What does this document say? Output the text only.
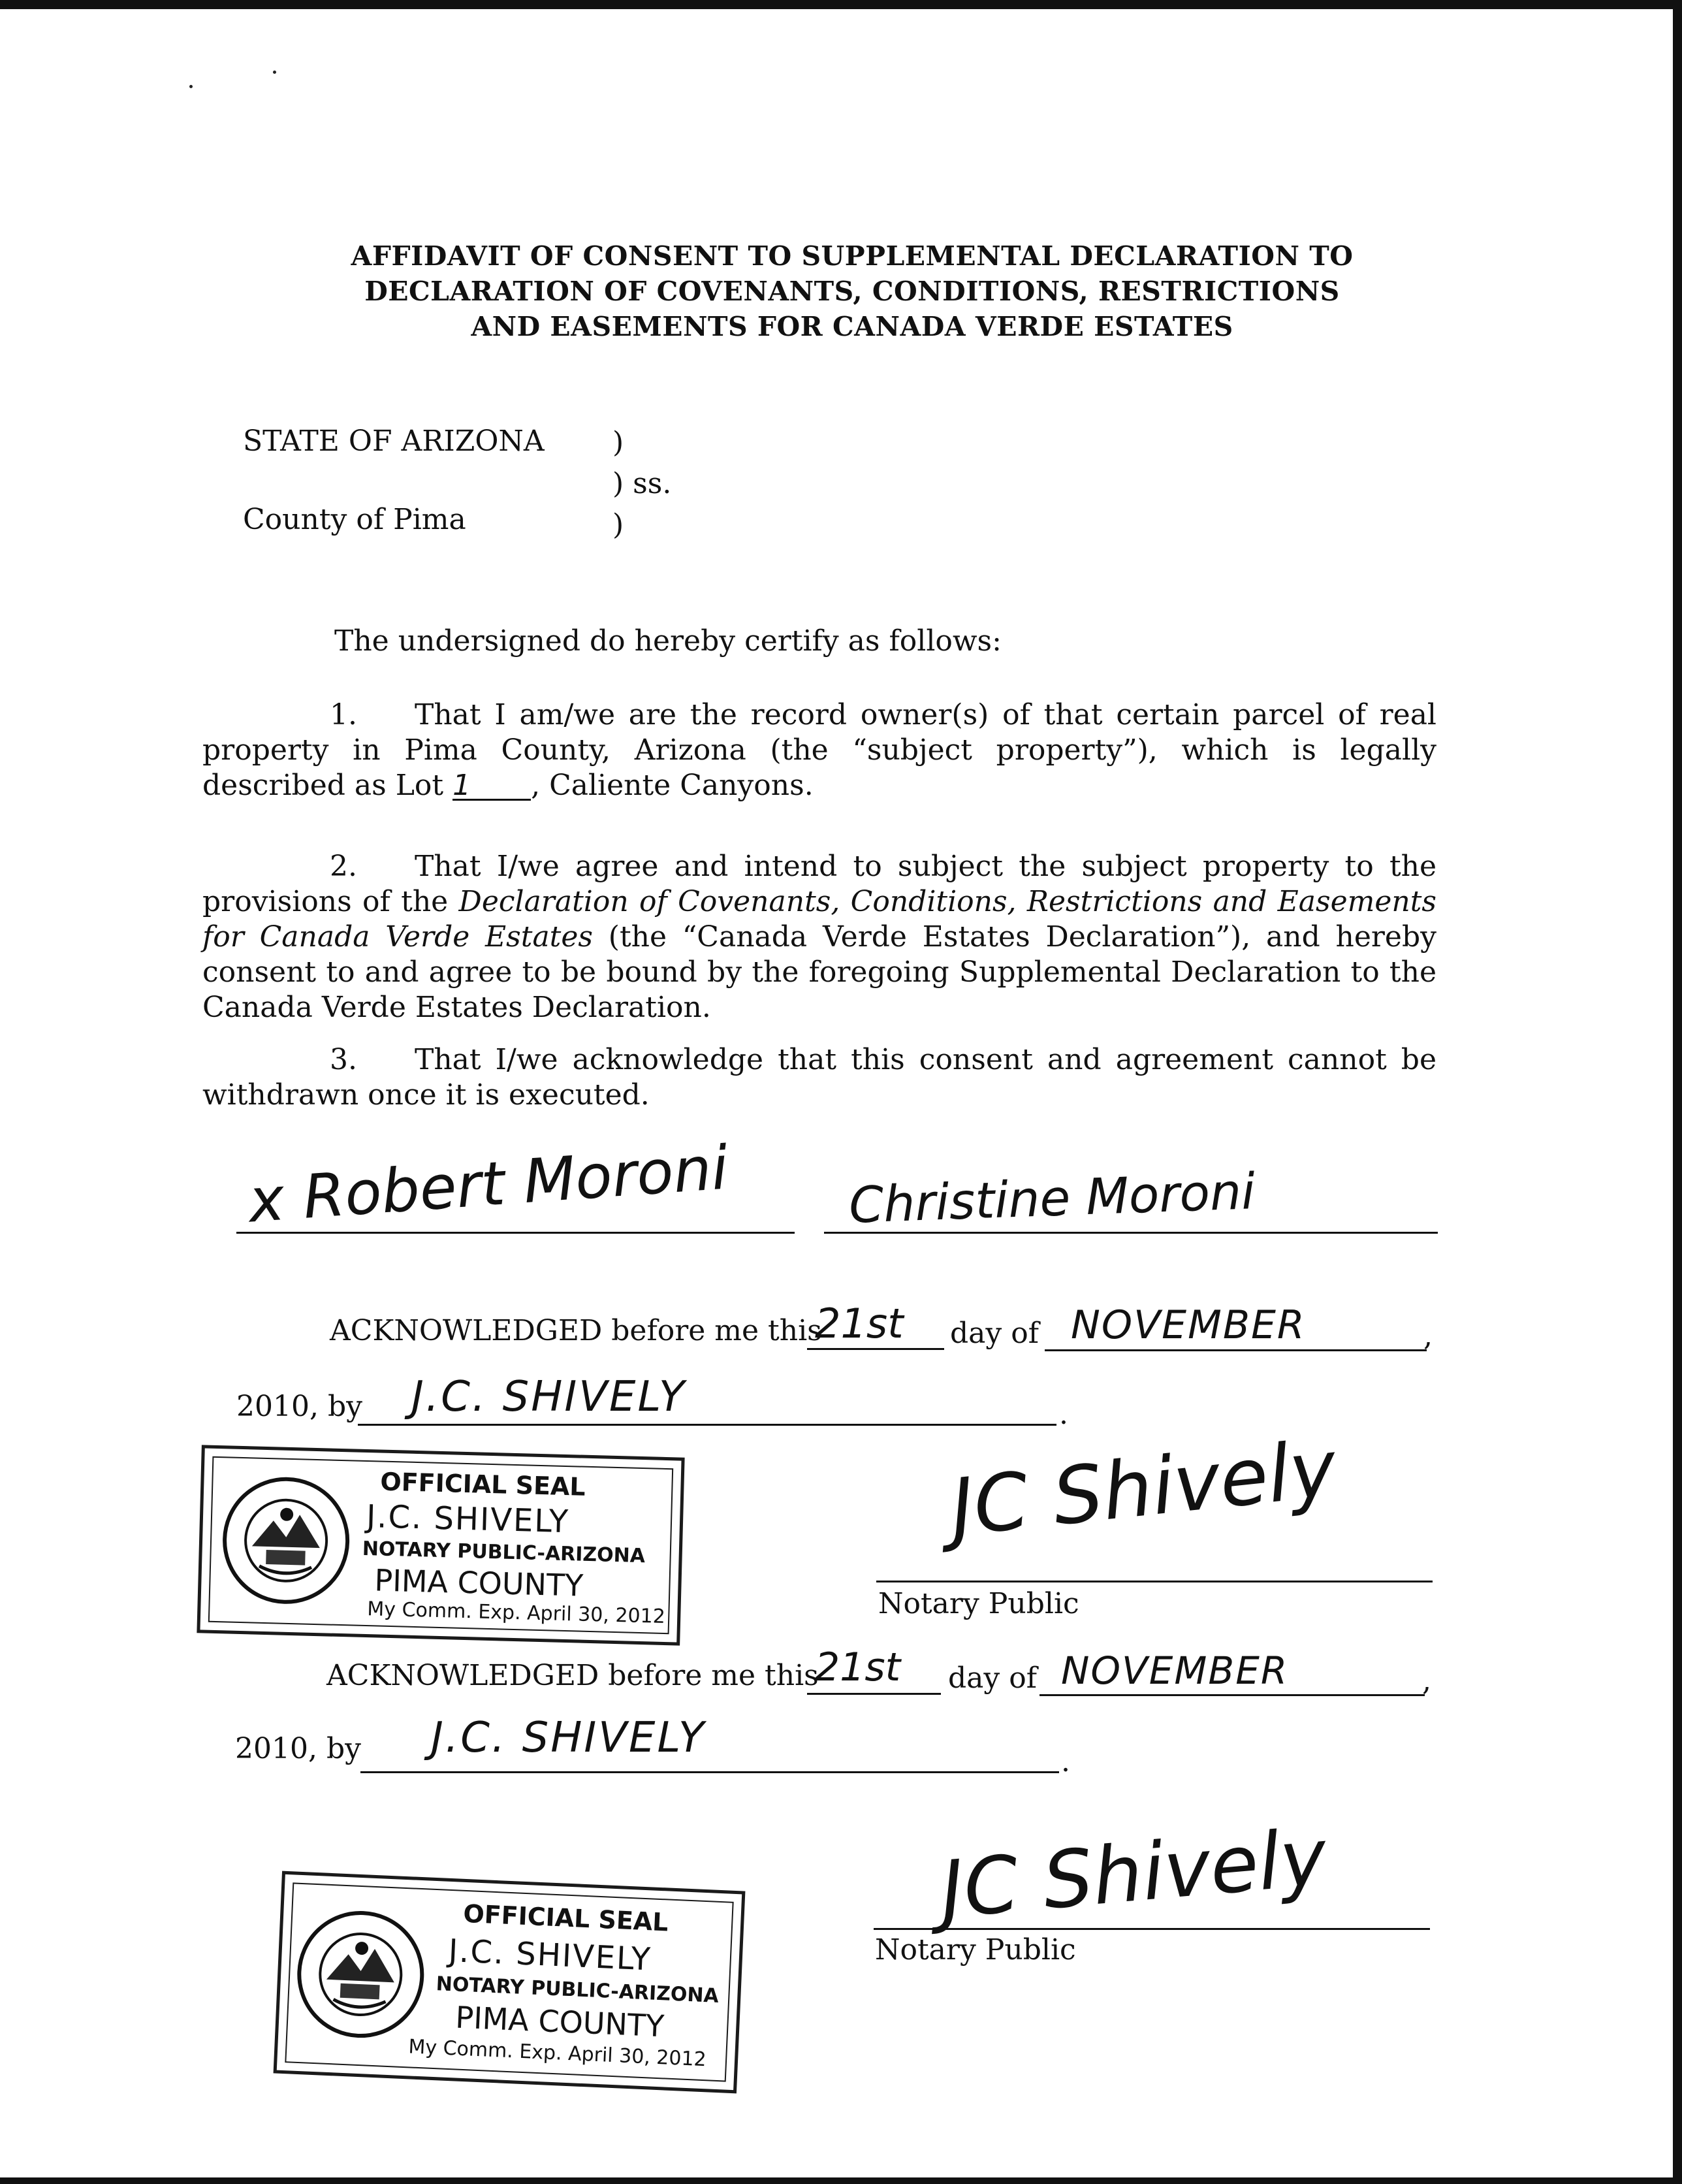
AFFIDAVIT OF CONSENT TO SUPPLEMENTAL DECLARATION TO
DECLARATION OF COVENANTS, CONDITIONS, RESTRICTIONS
AND EASEMENTS FOR CANADA VERDE ESTATES
STATE OF ARIZONA )
) ss.
County of Pima	)
The undersigned do hereby certify as follows:
1. That I am/we are the record owner(s) of that certain parcel of real property in Pima County, Arizona (the “subject property”), which is legally described as Lot 1 , Caliente Canyons.
2. That I/we agree and intend to subject the subject property to the provisions of the Declaration of Covenants, Conditions, Restrictions and Easements for Canada Verde Estates (the “Canada Verde Estates Declaration”), and hereby consent to and agree to be bound by the foregoing Supplemental Declaration to the Canada Verde Estates Declaration.
3. That I/we acknowledge that this consent and agreement cannot be withdrawn once it is executed.
x Robert Moroni Christine Moroni
ACKNOWLEDGED before me this
21st day of NOVEMBER	,
2010, by J.C. SHIVELY	.
OFFICIAL SEAL
J.C. SHIVELY
NOTARY PUBLIC-ARIZONA
PIMA COUNTY
My Comm. Exp. April 30, 2012
JC Shively
Notary Public
ACKNOWLEDGED before me this
21st day of NOVEMBER	,
2010, by J.C. SHIVELY	.
OFFICIAL SEAL
J.C. SHIVELY
NOTARY PUBLIC-ARIZONA
PIMA COUNTY
My Comm. Exp. April 30, 2012
JC Shively
Notary Public
